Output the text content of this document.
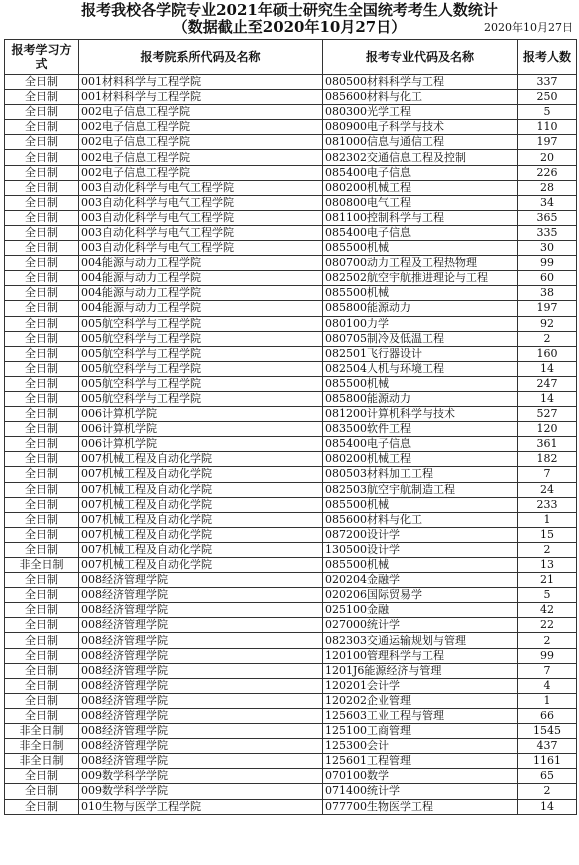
报考我校各学院专业2021年硕士研究生全国统考考生人数统计
（数据截止至2020年10月27日）	2020年10月27日
报考学习方式	报考院系所代码及名称	报考专业代码及名称	报考人数
全日制	001材料科学与工程学院	080500材料科学与工程	337
全日制	001材料科学与工程学院	085600材料与化工	250
全日制	002电子信息工程学院	080300光学工程	5
全日制	002电子信息工程学院	080900电子科学与技术	110
全日制	002电子信息工程学院	081000信息与通信工程	197
全日制	002电子信息工程学院	082302交通信息工程及控制	20
全日制	002电子信息工程学院	085400电子信息	226
全日制	003自动化科学与电气工程学院	080200机械工程	28
全日制	003自动化科学与电气工程学院	080800电气工程	34
全日制	003自动化科学与电气工程学院	081100控制科学与工程	365
全日制	003自动化科学与电气工程学院	085400电子信息	335
全日制	003自动化科学与电气工程学院	085500机械	30
全日制	004能源与动力工程学院	080700动力工程及工程热物理	99
全日制	004能源与动力工程学院	082502航空宇航推进理论与工程	60
全日制	004能源与动力工程学院	085500机械	38
全日制	004能源与动力工程学院	085800能源动力	197
全日制	005航空科学与工程学院	080100力学	92
全日制	005航空科学与工程学院	080705制冷及低温工程	2
全日制	005航空科学与工程学院	082501飞行器设计	160
全日制	005航空科学与工程学院	082504人机与环境工程	14
全日制	005航空科学与工程学院	085500机械	247
全日制	005航空科学与工程学院	085800能源动力	14
全日制	006计算机学院	081200计算机科学与技术	527
全日制	006计算机学院	083500软件工程	120
全日制	006计算机学院	085400电子信息	361
全日制	007机械工程及自动化学院	080200机械工程	182
全日制	007机械工程及自动化学院	080503材料加工工程	7
全日制	007机械工程及自动化学院	082503航空宇航制造工程	24
全日制	007机械工程及自动化学院	085500机械	233
全日制	007机械工程及自动化学院	085600材料与化工	1
全日制	007机械工程及自动化学院	087200设计学	15
全日制	007机械工程及自动化学院	130500设计学	2
非全日制	007机械工程及自动化学院	085500机械	13
全日制	008经济管理学院	020204金融学	21
全日制	008经济管理学院	020206国际贸易学	5
全日制	008经济管理学院	025100金融	42
全日制	008经济管理学院	027000统计学	22
全日制	008经济管理学院	082303交通运输规划与管理	2
全日制	008经济管理学院	120100管理科学与工程	99
全日制	008经济管理学院	1201J6能源经济与管理	7
全日制	008经济管理学院	120201会计学	4
全日制	008经济管理学院	120202企业管理	1
全日制	008经济管理学院	125603工业工程与管理	66
非全日制	008经济管理学院	125100工商管理	1545
非全日制	008经济管理学院	125300会计	437
非全日制	008经济管理学院	125601工程管理	1161
全日制	009数学科学学院	070100数学	65
全日制	009数学科学学院	071400统计学	2
全日制	010生物与医学工程学院	077700生物医学工程	14
